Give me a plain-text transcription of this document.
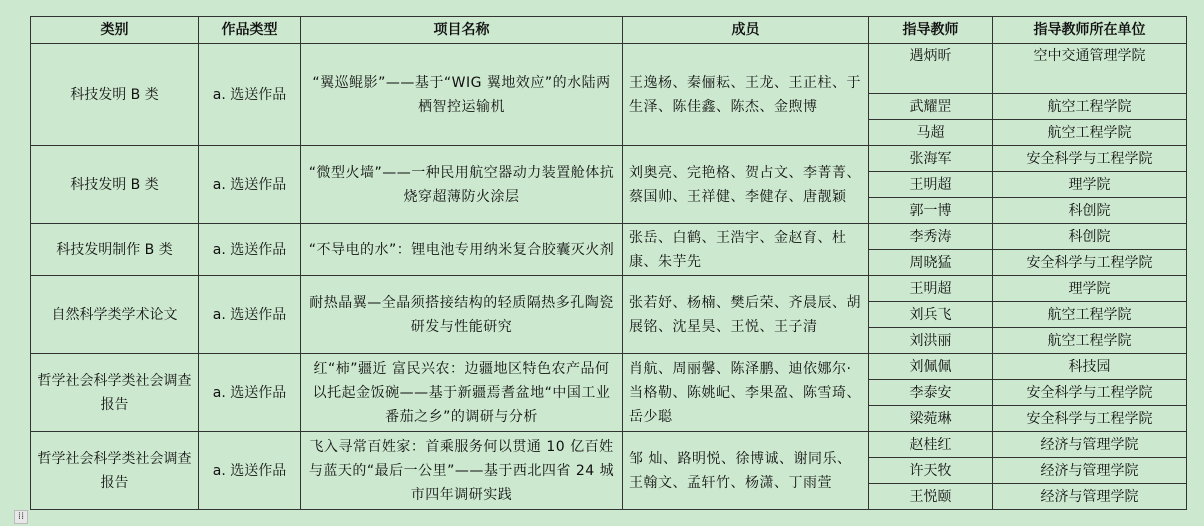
类别	作品类型	项目名称	成员	指导教师	指导教师所在单位
科技发明 B 类	a. 选送作品	“翼巡鲲影”——基于“WIG 翼地效应”的水陆两栖智控运输机	王逸杨、秦俪耘、王龙、王正柱、于生泽、陈佳鑫、陈杰、金煦博	遇炳昕	空中交通管理学院
				武耀罡	航空工程学院
				马超	航空工程学院
科技发明 B 类	a. 选送作品	“微型火墙”——一种民用航空器动力装置舱体抗烧穿超薄防火涂层	刘奥亮、完艳格、贺占文、李菁菁、蔡国帅、王祥健、李健存、唐靓颖	张海军	安全科学与工程学院
				王明超	理学院
				郭一博	科创院
科技发明制作 B 类	a. 选送作品	“不导电的水”：锂电池专用纳米复合胶囊灭火剂	张岳、白鹤、王浩宇、金赵育、杜康、朱芋先	李秀涛	科创院
				周晓猛	安全科学与工程学院
自然科学类学术论文	a. 选送作品	耐热晶翼—全晶须搭接结构的轻质隔热多孔陶瓷研发与性能研究	张若妤、杨楠、樊后荣、齐晨辰、胡展铭、沈星昊、王悦、王子清	王明超	理学院
				刘兵飞	航空工程学院
				刘洪丽	航空工程学院
哲学社会科学类社会调查报告	a. 选送作品	红“柿”疆近 富民兴农：边疆地区特色农产品何以托起金饭碗——基于新疆焉耆盆地“中国工业番茄之乡”的调研与分析	肖航、周丽馨、陈泽鹏、迪依娜尔·当格勒、陈姚屺、李果盈、陈雪琦、岳少聪	刘佩佩	科技园
				李泰安	安全科学与工程学院
				梁菀琳	安全科学与工程学院
哲学社会科学类社会调查报告	a. 选送作品	飞入寻常百姓家：首乘服务何以贯通 10 亿百姓与蓝天的“最后一公里”——基于西北四省 24 城市四年调研实践	邹 灿、路明悦、徐博诚、谢同乐、王翰文、孟轩竹、杨潇、丁雨萱	赵桂红	经济与管理学院
				许天牧	经济与管理学院
				王悦颐	经济与管理学院
⁞⁞
